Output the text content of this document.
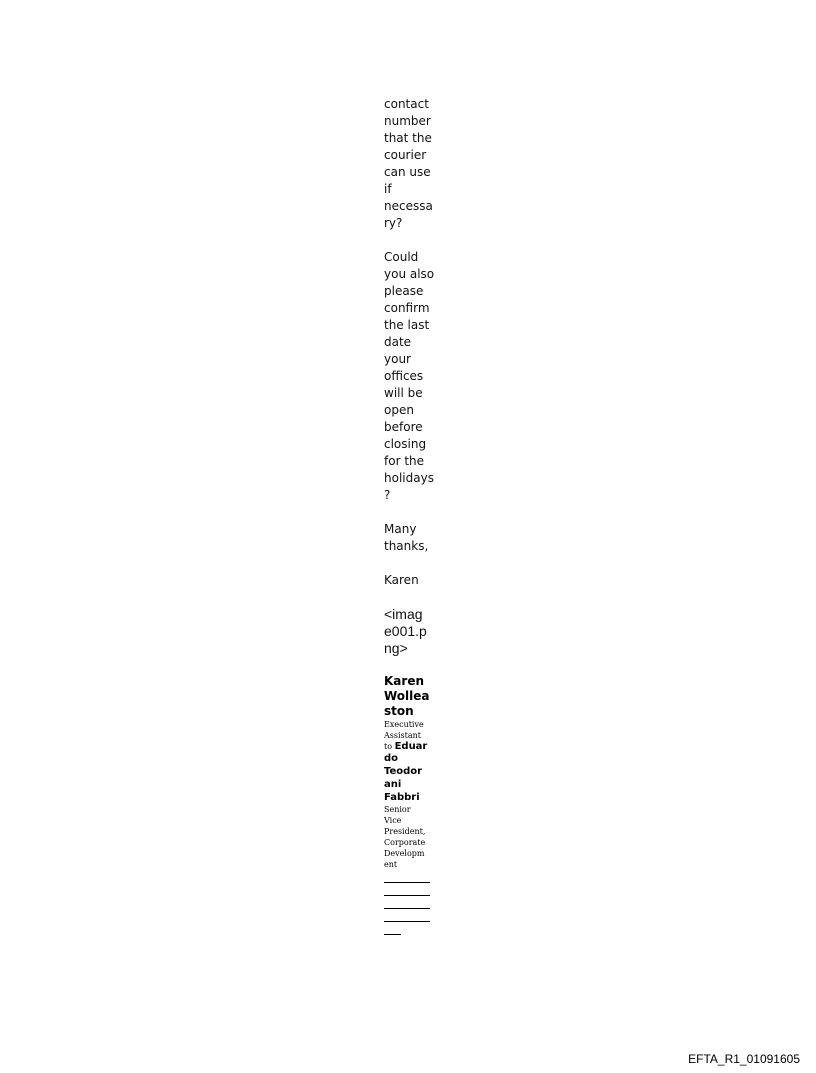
contact
number
that the
courier
can use
if
necessa
ry?
Could
you also
please
confirm
the last
date
your
offices
will be
open
before
closing
for the
holidays
?
Many
thanks,
Karen
<imag
e001.p
ng>
Karen
Wollea
ston
Executive
Assistant
to Eduar
do
Teodor
ani
Fabbri
Senior
Vice
President,
Corporate
Developm
ent
EFTA_R1_01091605
